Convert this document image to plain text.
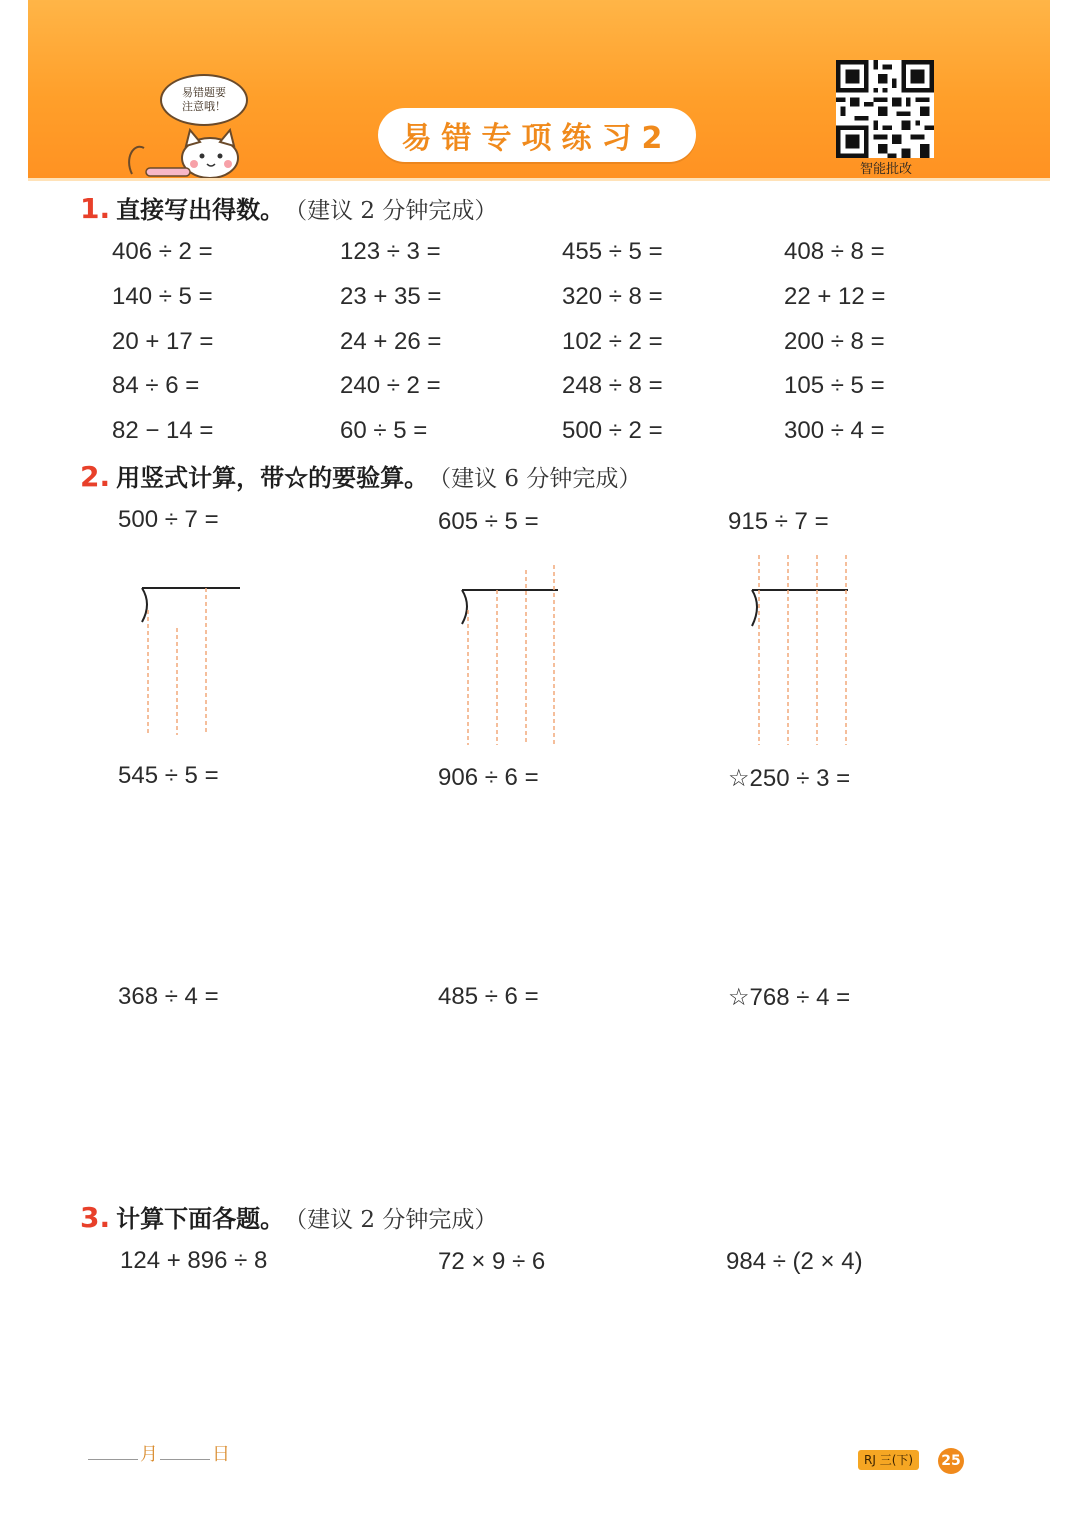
易错题要
注意哦！
易错专项练习2
智能批改
1. 直接写出得数。 （建议 2 分钟完成）
406 ÷ 2 =	123 ÷ 3 =	455 ÷ 5 =	408 ÷ 8 =
140 ÷ 5 =	23 + 35 =	320 ÷ 8 =	22 + 12 =
20 + 17 =	24 + 26 =	102 ÷ 2 =	200 ÷ 8 =
84 ÷ 6 =	240 ÷ 2 =	248 ÷ 8 =	105 ÷ 5 =
82 − 14 =	60 ÷ 5 =	500 ÷ 2 =	300 ÷ 4 =
2. 用竖式计算，带☆的要验算。 （建议 6 分钟完成）
500 ÷ 7 =	605 ÷ 5 =	915 ÷ 7 =
545 ÷ 5 =	906 ÷ 6 =	☆250 ÷ 3 =
368 ÷ 4 =	485 ÷ 6 =	☆768 ÷ 4 =
3. 计算下面各题。 （建议 2 分钟完成）
124 + 896 ÷ 8	72 × 9 ÷ 6	984 ÷ (2 × 4)
月	日	RJ 三(下)	25
